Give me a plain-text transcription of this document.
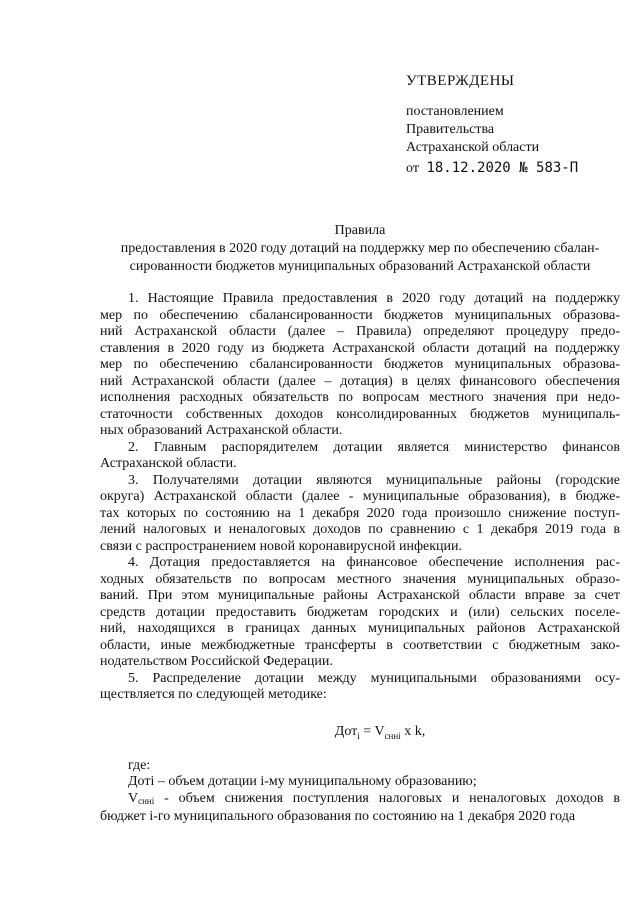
УТВЕРЖДЕНЫ
постановлением
Правительства
Астраханской области
от 18.12.2020 № 583-П
Правила
предоставления в 2020 году дотаций на поддержку мер по обеспечению сбалан-
сированности бюджетов муниципальных образований Астраханской области
1. Настоящие Правила предоставления в 2020 году дотаций на поддержку
мер по обеспечению сбалансированности бюджетов муниципальных образова-
ний Астраханской области (далее – Правила) определяют процедуру предо-
ставления в 2020 году из бюджета Астраханской области дотаций на поддержку
мер по обеспечению сбалансированности бюджетов муниципальных образова-
ний Астраханской области (далее – дотация) в целях финансового обеспечения
исполнения расходных обязательств по вопросам местного значения при недо-
статочности собственных доходов консолидированных бюджетов муниципаль-
ных образований Астраханской области.
2. Главным распорядителем дотации является министерство финансов
Астраханской области.
3. Получателями дотации являются муниципальные районы (городские
округа) Астраханской области (далее - муниципальные образования), в бюдже-
тах которых по состоянию на 1 декабря 2020 года произошло снижение поступ-
лений налоговых и неналоговых доходов по сравнению с 1 декабря 2019 года в
связи с распространением новой коронавирусной инфекции.
4. Дотация предоставляется на финансовое обеспечение исполнения рас-
ходных обязательств по вопросам местного значения муниципальных образо-
ваний. При этом муниципальные районы Астраханской области вправе за счет
средств дотации предоставить бюджетам городских и (или) сельских поселе-
ний, находящихся в границах данных муниципальных районов Астраханской
области, иные межбюджетные трансферты в соответствии с бюджетным зако-
нодательством Российской Федерации.
5. Распределение дотации между муниципальными образованиями осу-
ществляется по следующей методике:
$Дот_i = V_{снні}$ х k,
где:
Дотi – объем дотации i-му муниципальному образованию;
Vснні - объем снижения поступления налоговых и неналоговых доходов в
бюджет i-го муниципального образования по состоянию на 1 декабря 2020 года
